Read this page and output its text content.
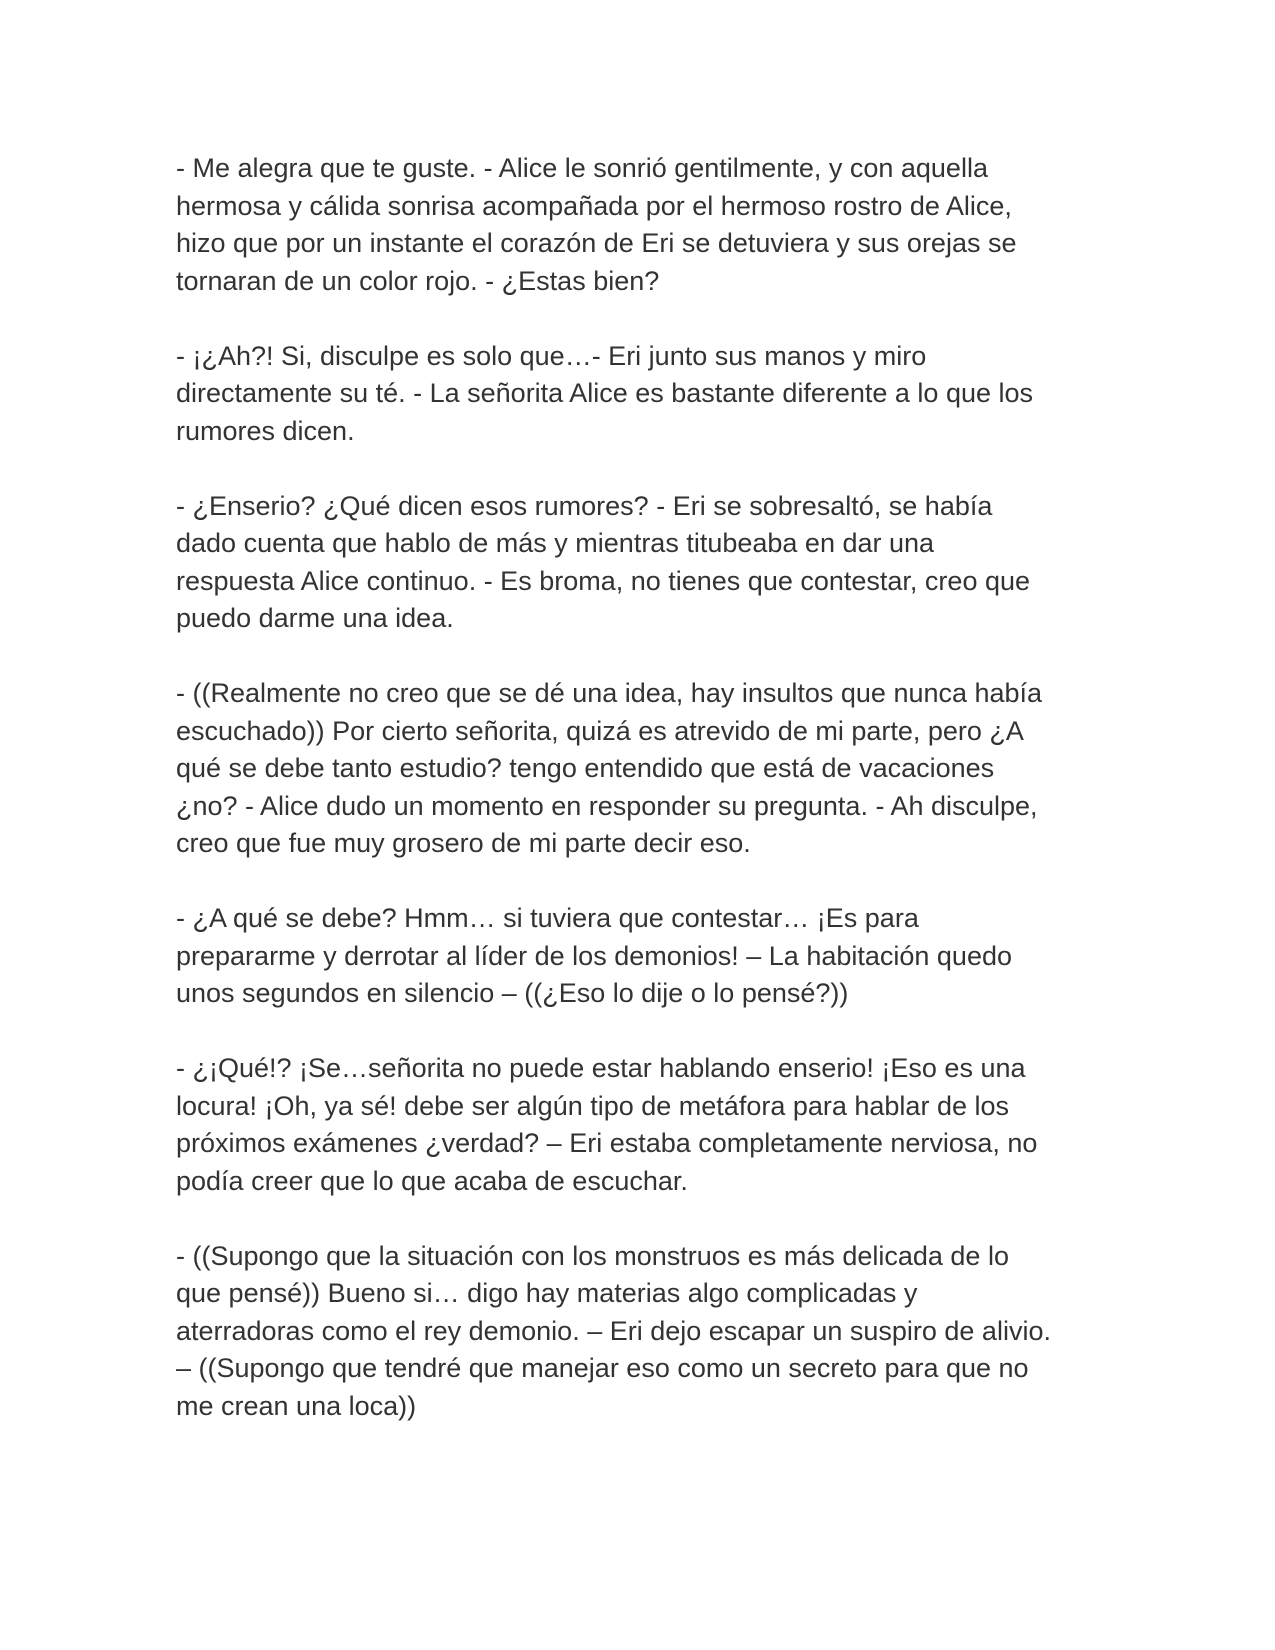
- Me alegra que te guste. - Alice le sonrió gentilmente, y con aquella
hermosa y cálida sonrisa acompañada por el hermoso rostro de Alice,
hizo que por un instante el corazón de Eri se detuviera y sus orejas se
tornaran de un color rojo. - ¿Estas bien?

- ¡¿Ah?! Si, disculpe es solo que…- Eri junto sus manos y miro
directamente su té. - La señorita Alice es bastante diferente a lo que los
rumores dicen.

- ¿Enserio? ¿Qué dicen esos rumores? - Eri se sobresaltó, se había
dado cuenta que hablo de más y mientras titubeaba en dar una
respuesta Alice continuo. - Es broma, no tienes que contestar, creo que
puedo darme una idea.

- ((Realmente no creo que se dé una idea, hay insultos que nunca había
escuchado)) Por cierto señorita, quizá es atrevido de mi parte, pero ¿A
qué se debe tanto estudio? tengo entendido que está de vacaciones
¿no? - Alice dudo un momento en responder su pregunta. - Ah disculpe,
creo que fue muy grosero de mi parte decir eso.

- ¿A qué se debe? Hmm… si tuviera que contestar… ¡Es para
prepararme y derrotar al líder de los demonios! – La habitación quedo
unos segundos en silencio – ((¿Eso lo dije o lo pensé?))

- ¿¡Qué!? ¡Se…señorita no puede estar hablando enserio! ¡Eso es una
locura! ¡Oh, ya sé! debe ser algún tipo de metáfora para hablar de los
próximos exámenes ¿verdad? – Eri estaba completamente nerviosa, no
podía creer que lo que acaba de escuchar.

- ((Supongo que la situación con los monstruos es más delicada de lo
que pensé)) Bueno si… digo hay materias algo complicadas y
aterradoras como el rey demonio. – Eri dejo escapar un suspiro de alivio.
– ((Supongo que tendré que manejar eso como un secreto para que no
me crean una loca))
